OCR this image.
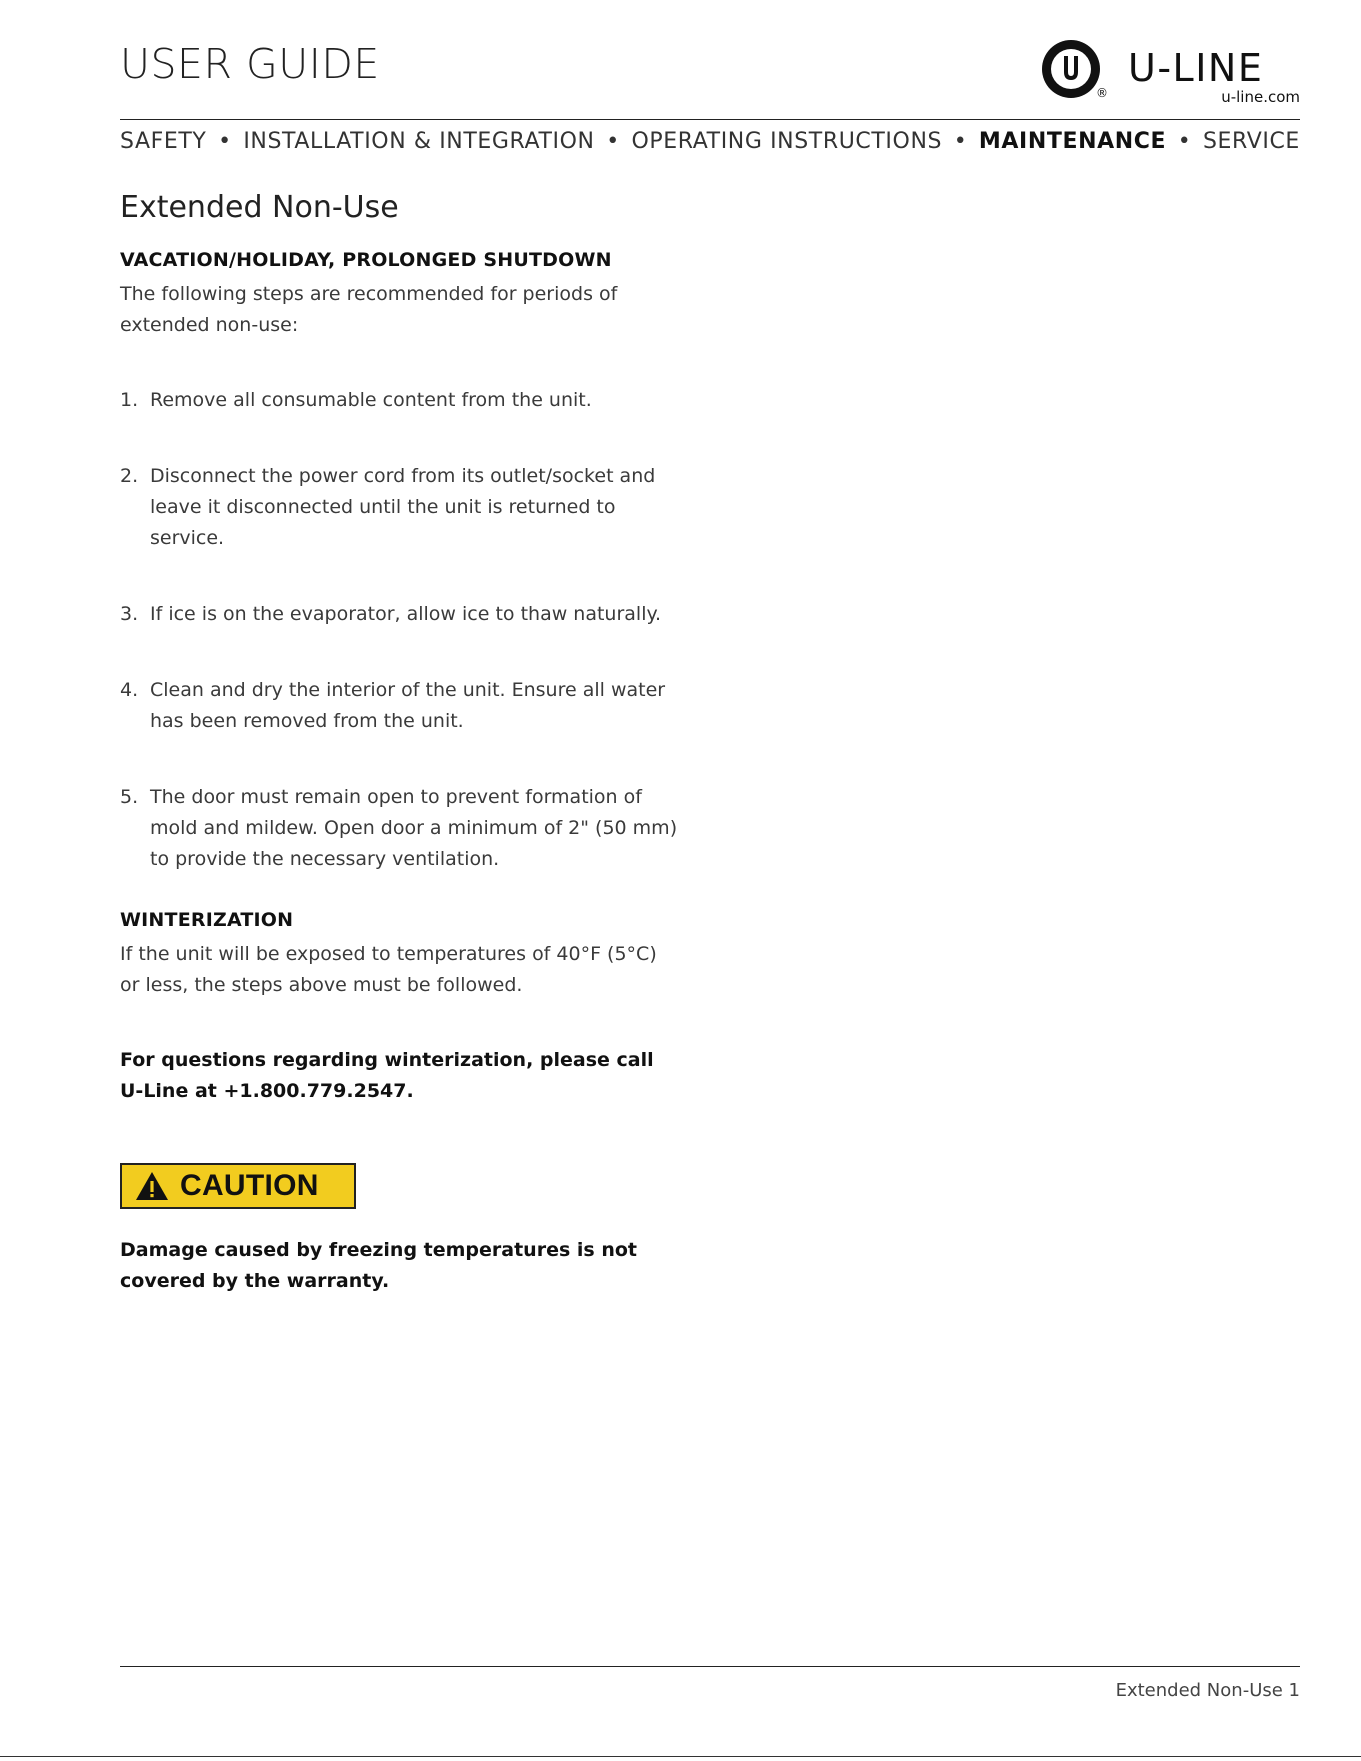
USER GUIDE
®
U-LINE
u-line.com
SAFETY • INSTALLATION & INTEGRATION • OPERATING INSTRUCTIONS • MAINTENANCE • SERVICE
Extended Non-Use
VACATION/HOLIDAY, PROLONGED SHUTDOWN

The following steps are recommended for periods of extended non-use:

1. Remove all consumable content from the unit.
2. Disconnect the power cord from its outlet/socket and leave it disconnected until the unit is returned to service.
3. If ice is on the evaporator, allow ice to thaw naturally.
4. Clean and dry the interior of the unit. Ensure all water has been removed from the unit.
5. The door must remain open to prevent formation of mold and mildew. Open door a minimum of 2" (50 mm) to provide the necessary ventilation.
WINTERIZATION

If the unit will be exposed to temperatures of 40°F (5°C) or less, the steps above must be followed.

For questions regarding winterization, please call U-Line at +1.800.779.2547.

CAUTION

Damage caused by freezing temperatures is not covered by the warranty.

Extended Non-Use 1
